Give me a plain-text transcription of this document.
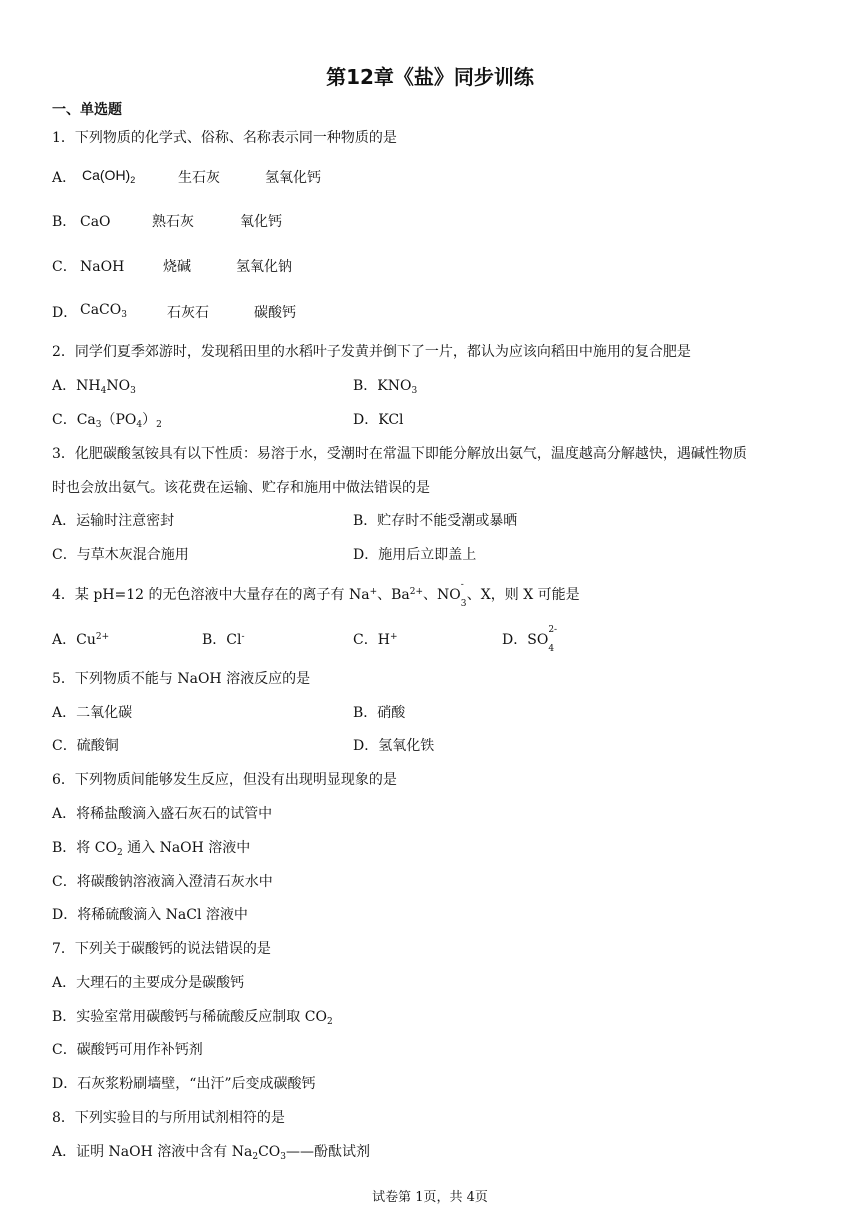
第12章《盐》同步训练
一、单选题
1．下列物质的化学式、俗称、名称表示同一种物质的是
A． $Ca(OH)_2$	生石灰	氢氧化钙
B． CaO	熟石灰	氧化钙
C． NaOH	烧碱	氢氧化钠
D． CaCO$_3$	石灰石	碳酸钙
2．同学们夏季郊游时，发现稻田里的水稻叶子发黄并倒下了一片，都认为应该向稻田中施用的复合肥是
A．$NH_4NO_3$	B．$KNO_3$
C．$Ca_3(PO_4)_2$	D．KCl
3．化肥碳酸氢铵具有以下性质：易溶于水，受潮时在常温下即能分解放出氨气，温度越高分解越快，遇碱性物质
时也会放出氨气。该花费在运输、贮存和施用中做法错误的是
A．运输时注意密封	B．贮存时不能受潮或暴晒
C．与草木灰混合施用	D．施用后立即盖上
4．某 pH=12 的无色溶液中大量存在的离子有 Na+、$Ba^{2+}$、NO
-
3
、X，则 X 可能是
A．$Cu^{2+}$	B．Cl-	C．H+	D．SO
2-
4
5．下列物质不能与 NaOH 溶液反应的是
A．二氧化碳	B．硝酸
C．硫酸铜	D．氢氧化铁
6．下列物质间能够发生反应，但没有出现明显现象的是
A．将稀盐酸滴入盛石灰石的试管中
B．将 $CO_2$ 通入 NaOH 溶液中
C．将碳酸钠溶液滴入澄清石灰水中
D．将稀硫酸滴入 NaCl 溶液中
7．下列关于碳酸钙的说法错误的是
A．大理石的主要成分是碳酸钙
B．实验室常用碳酸钙与稀硫酸反应制取 $CO_2$
C．碳酸钙可用作补钙剂
D．石灰浆粉刷墙壁，“出汗”后变成碳酸钙
8．下列实验目的与所用试剂相符的是
A．证明 NaOH 溶液中含有 $Na_2CO_3——$酚酞试剂
试卷第 1页，共 4页
